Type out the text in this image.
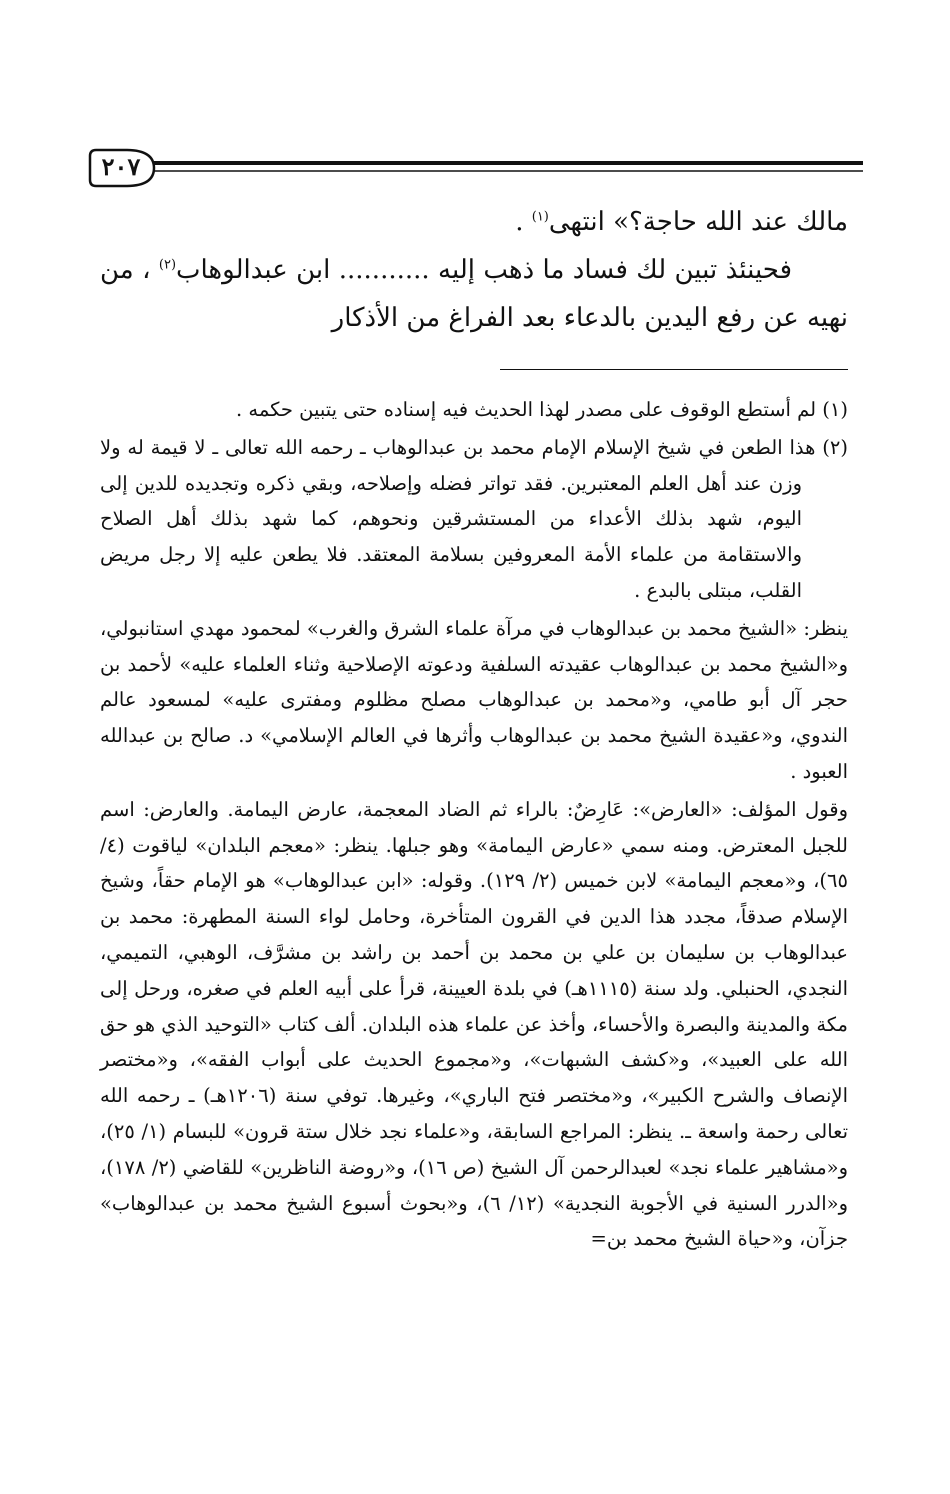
٢٠٧

مالك عند الله حاجة؟» انتهى$^{(١)}$ .

فحينئذ تبين لك فساد ما ذهب إليه ........... ابن عبدالوهاب$^{(٢)}$ ، من نهيه عن رفع اليدين بالدعاء بعد الفراغ من الأذكار

(١) لم أستطع الوقوف على مصدر لهذا الحديث فيه إسناده حتى يتبين حكمه .

(٢) هذا الطعن في شيخ الإسلام الإمام محمد بن عبدالوهاب ـ رحمه الله تعالى ـ لا قيمة له ولا وزن عند أهل العلم المعتبرين. فقد تواتر فضله وإصلاحه، وبقي ذكره وتجديده للدين إلى اليوم، شهد بذلك الأعداء من المستشرقين ونحوهم، كما شهد بذلك أهل الصلاح والاستقامة من علماء الأمة المعروفين بسلامة المعتقد. فلا يطعن عليه إلا رجل مريض القلب، مبتلى بالبدع .

ينظر: «الشيخ محمد بن عبدالوهاب في مرآة علماء الشرق والغرب» لمحمود مهدي استانبولي، و«الشيخ محمد بن عبدالوهاب عقيدته السلفية ودعوته الإصلاحية وثناء العلماء عليه» لأحمد بن حجر آل أبو طامي، و«محمد بن عبدالوهاب مصلح مظلوم ومفترى عليه» لمسعود عالم الندوي، و«عقيدة الشيخ محمد بن عبدالوهاب وأثرها في العالم الإسلامي» د. صالح بن عبدالله العبود .

وقول المؤلف: «العارض»: عَارِضٌ: بالراء ثم الضاد المعجمة، عارض اليمامة. والعارض: اسم للجبل المعترض. ومنه سمي «عارض اليمامة» وهو جبلها. ينظر: «معجم البلدان» لياقوت (٤/ ٦٥)، و«معجم اليمامة» لابن خميس (٢/ ١٢٩). وقوله: «ابن عبدالوهاب» هو الإمام حقاً، وشيخ الإسلام صدقاً، مجدد هذا الدين في القرون المتأخرة، وحامل لواء السنة المطهرة: محمد بن عبدالوهاب بن سليمان بن علي بن محمد بن أحمد بن راشد بن مشرَّف، الوهبي، التميمي، النجدي، الحنبلي. ولد سنة (١١١٥هـ) في بلدة العيينة، قرأ على أبيه العلم في صغره، ورحل إلى مكة والمدينة والبصرة والأحساء، وأخذ عن علماء هذه البلدان. ألف كتاب «التوحيد الذي هو حق الله على العبيد»، و«كشف الشبهات»، و«مجموع الحديث على أبواب الفقه»، و«مختصر الإنصاف والشرح الكبير»، و«مختصر فتح الباري»، وغيرها. توفي سنة (١٢٠٦هـ) ـ رحمه الله تعالى رحمة واسعة ـ. ينظر: المراجع السابقة، و«علماء نجد خلال ستة قرون» للبسام (١/ ٢٥)، و«مشاهير علماء نجد» لعبدالرحمن آل الشيخ (ص ١٦)، و«روضة الناظرين» للقاضي (٢/ ١٧٨)، و«الدرر السنية في الأجوبة النجدية» (١٢/ ٦)، و«بحوث أسبوع الشيخ محمد بن عبدالوهاب» جزآن، و«حياة الشيخ محمد بن=
